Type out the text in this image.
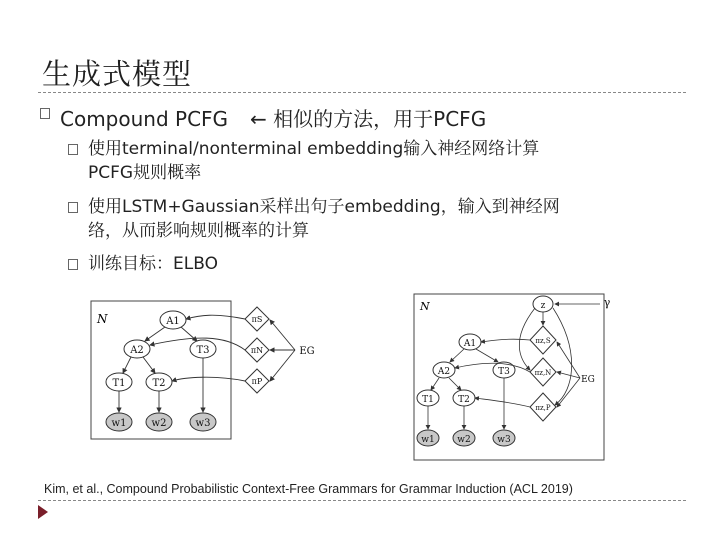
生成式模型
Compound PCFG ← 相似的方法，用于PCFG
使用terminal/nonterminal embedding输入神经网络计算
PCFG规则概率
使用LSTM+Gaussian采样出句子embedding，输入到神经网
络，从而影响规则概率的计算
训练目标：ELBO
N	A1
A2	T3
T1	T2
w1	w2	w3
πS
πN
πP
EG
N	z	γ
A1
A2	T3
T1	T2
w1	w2	w3
πz,S
πz,N
πz,P
EG
Kim, et al., Compound Probabilistic Context-Free Grammars for Grammar Induction (ACL 2019)
